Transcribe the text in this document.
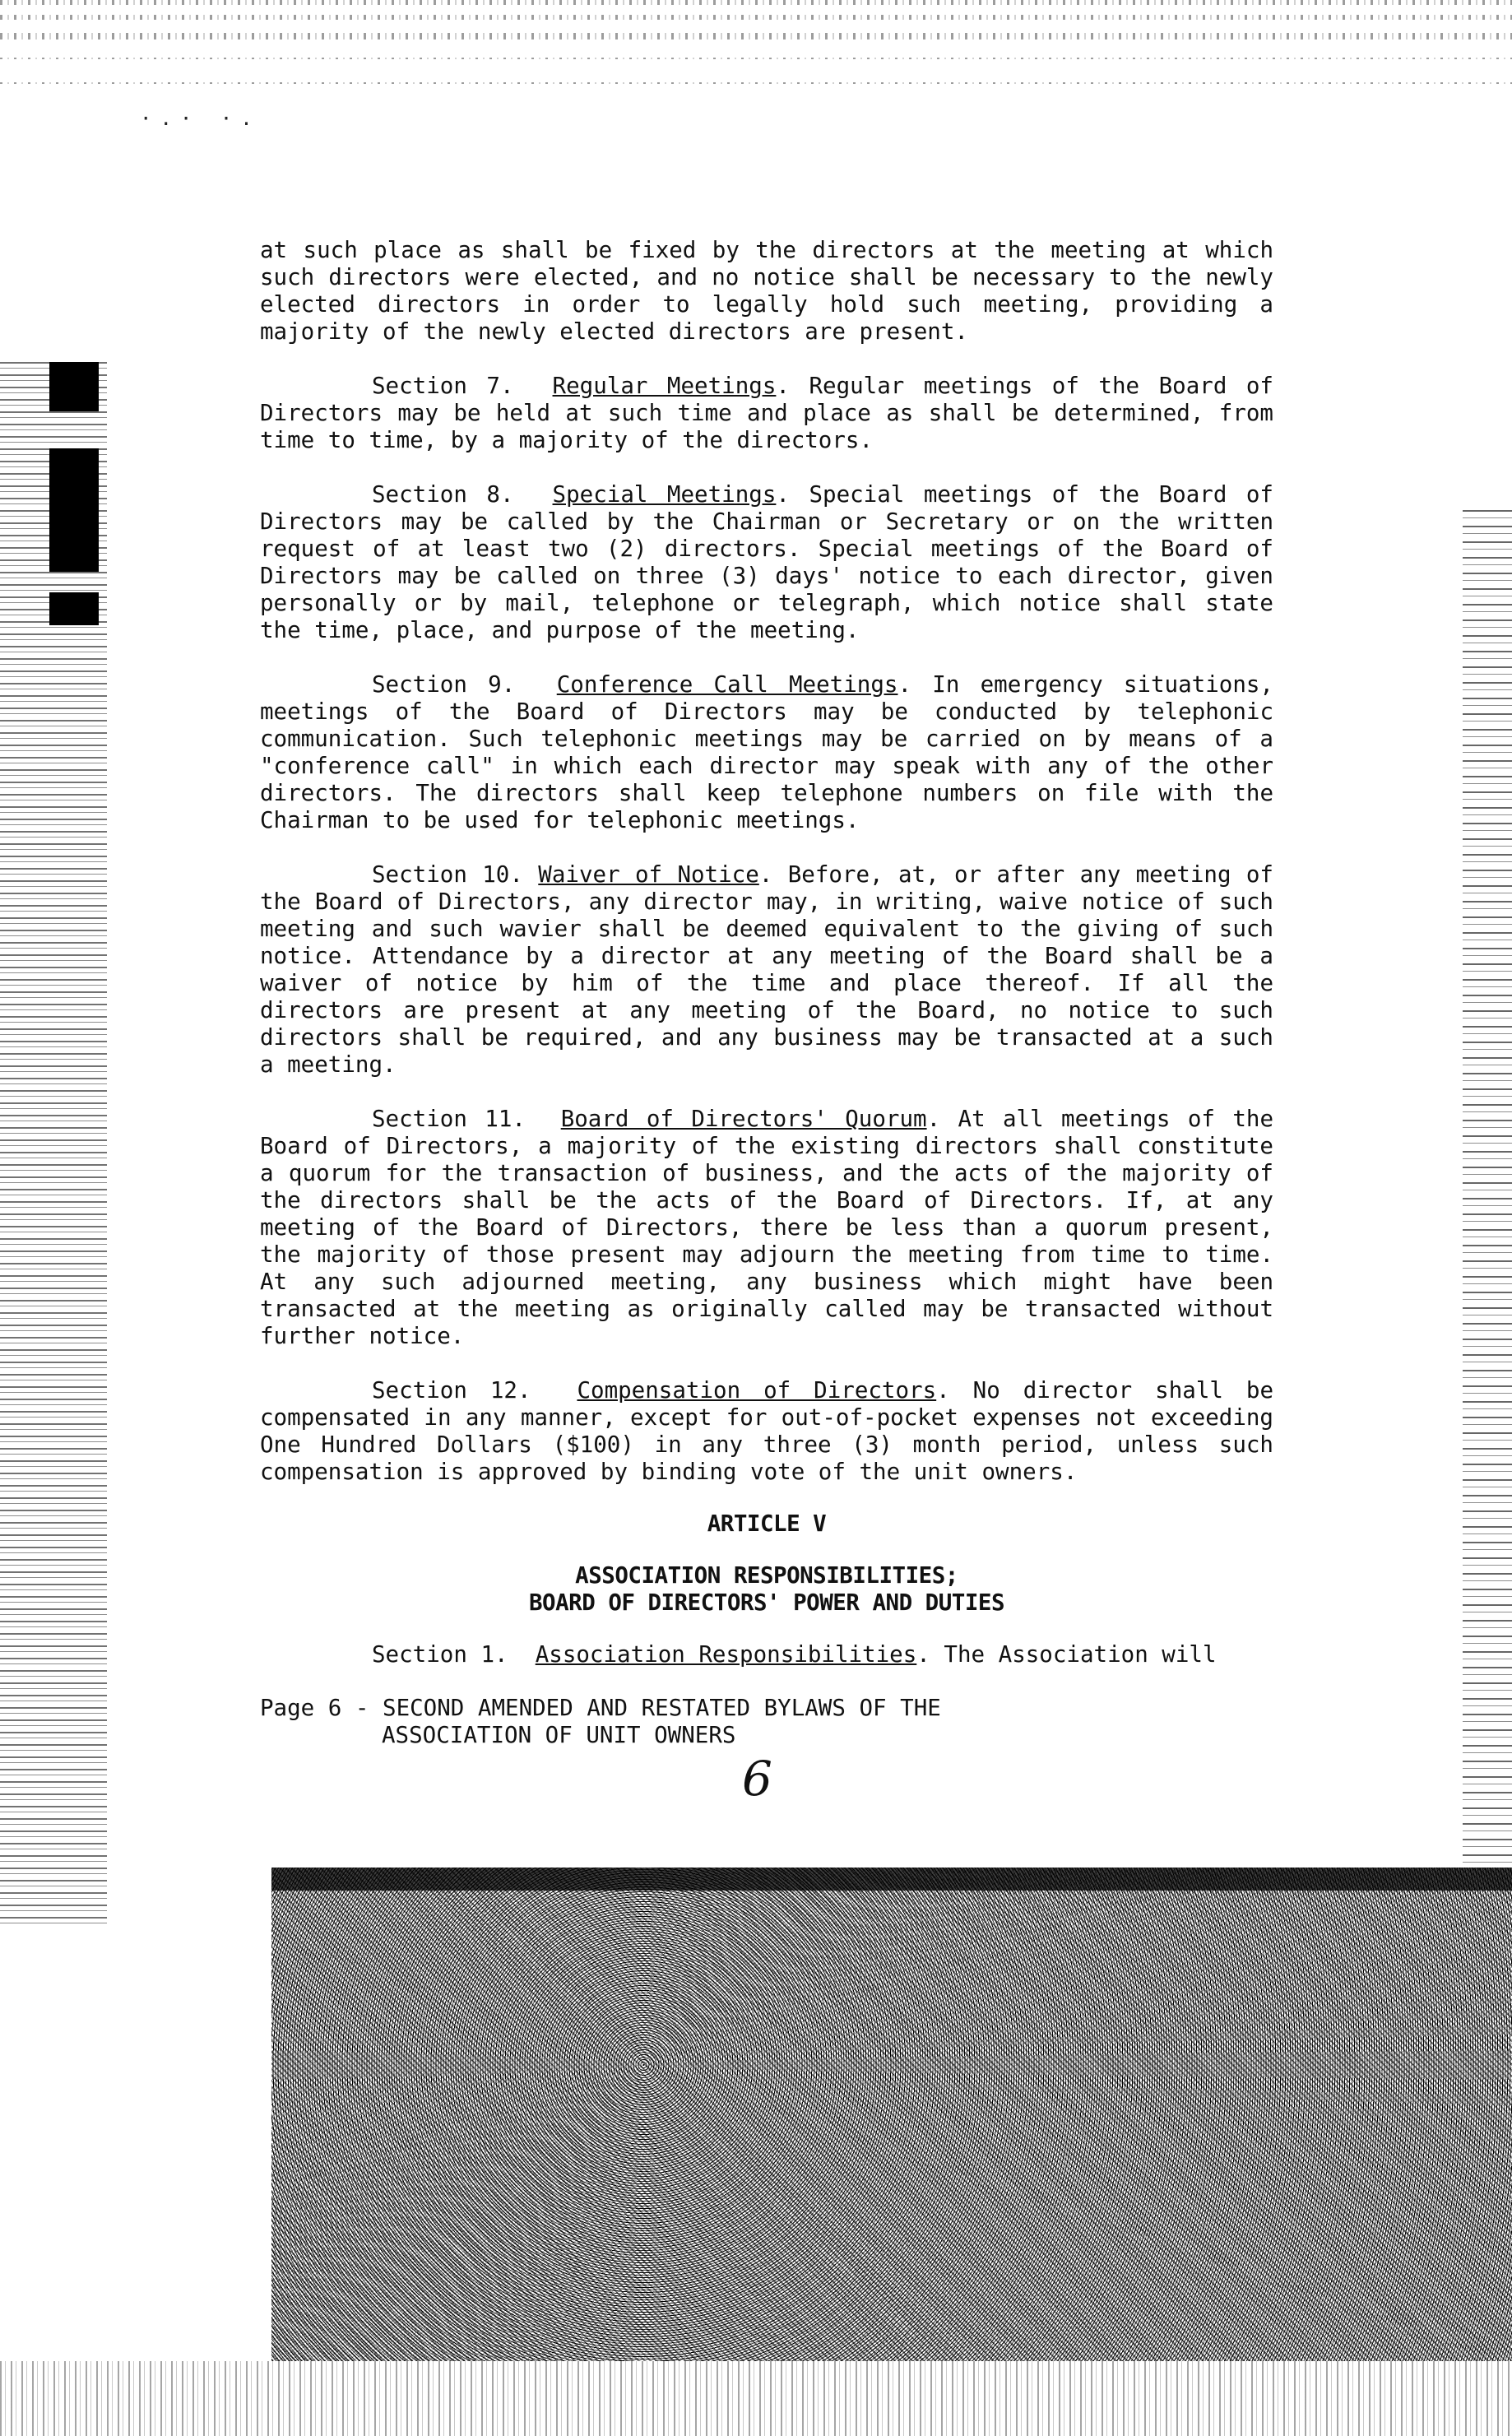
·.· ·.

at such place as shall be fixed by the directors at the meeting at which such directors were elected, and no notice shall be necessary to the newly elected directors in order to legally hold such meeting, providing a majority of the newly elected directors are present.

Section 7. Regular Meetings. Regular meetings of the Board of Directors may be held at such time and place as shall be determined, from time to time, by a majority of the directors.

Section 8. Special Meetings. Special meetings of the Board of Directors may be called by the Chairman or Secretary or on the written request of at least two (2) directors. Special meetings of the Board of Directors may be called on three (3) days' notice to each director, given personally or by mail, telephone or telegraph, which notice shall state the time, place, and purpose of the meeting.

Section 9. Conference Call Meetings. In emergency situations, meetings of the Board of Directors may be conducted by telephonic communication. Such telephonic meetings may be carried on by means of a "conference call" in which each director may speak with any of the other directors. The directors shall keep telephone numbers on file with the Chairman to be used for telephonic meetings.

Section 10. Waiver of Notice. Before, at, or after any meeting of the Board of Directors, any director may, in writing, waive notice of such meeting and such wavier shall be deemed equivalent to the giving of such notice. Attendance by a director at any meeting of the Board shall be a waiver of notice by him of the time and place thereof. If all the directors are present at any meeting of the Board, no notice to such directors shall be required, and any business may be transacted at a such a meeting.

Section 11. Board of Directors' Quorum. At all meetings of the Board of Directors, a majority of the existing directors shall constitute a quorum for the transaction of business, and the acts of the majority of the directors shall be the acts of the Board of Directors. If, at any meeting of the Board of Directors, there be less than a quorum present, the majority of those present may adjourn the meeting from time to time. At any such adjourned meeting, any business which might have been transacted at the meeting as originally called may be transacted without further notice.

Section 12. Compensation of Directors. No director shall be compensated in any manner, except for out-of-pocket expenses not exceeding One Hundred Dollars ($100) in any three (3) month period, unless such compensation is approved by binding vote of the unit owners.

ARTICLE V
ASSOCIATION RESPONSIBILITIES;
BOARD OF DIRECTORS' POWER AND DUTIES

Section 1. Association Responsibilities. The Association will

Page 6 - SECOND AMENDED AND RESTATED BYLAWS OF THE
ASSOCIATION OF UNIT OWNERS
6
